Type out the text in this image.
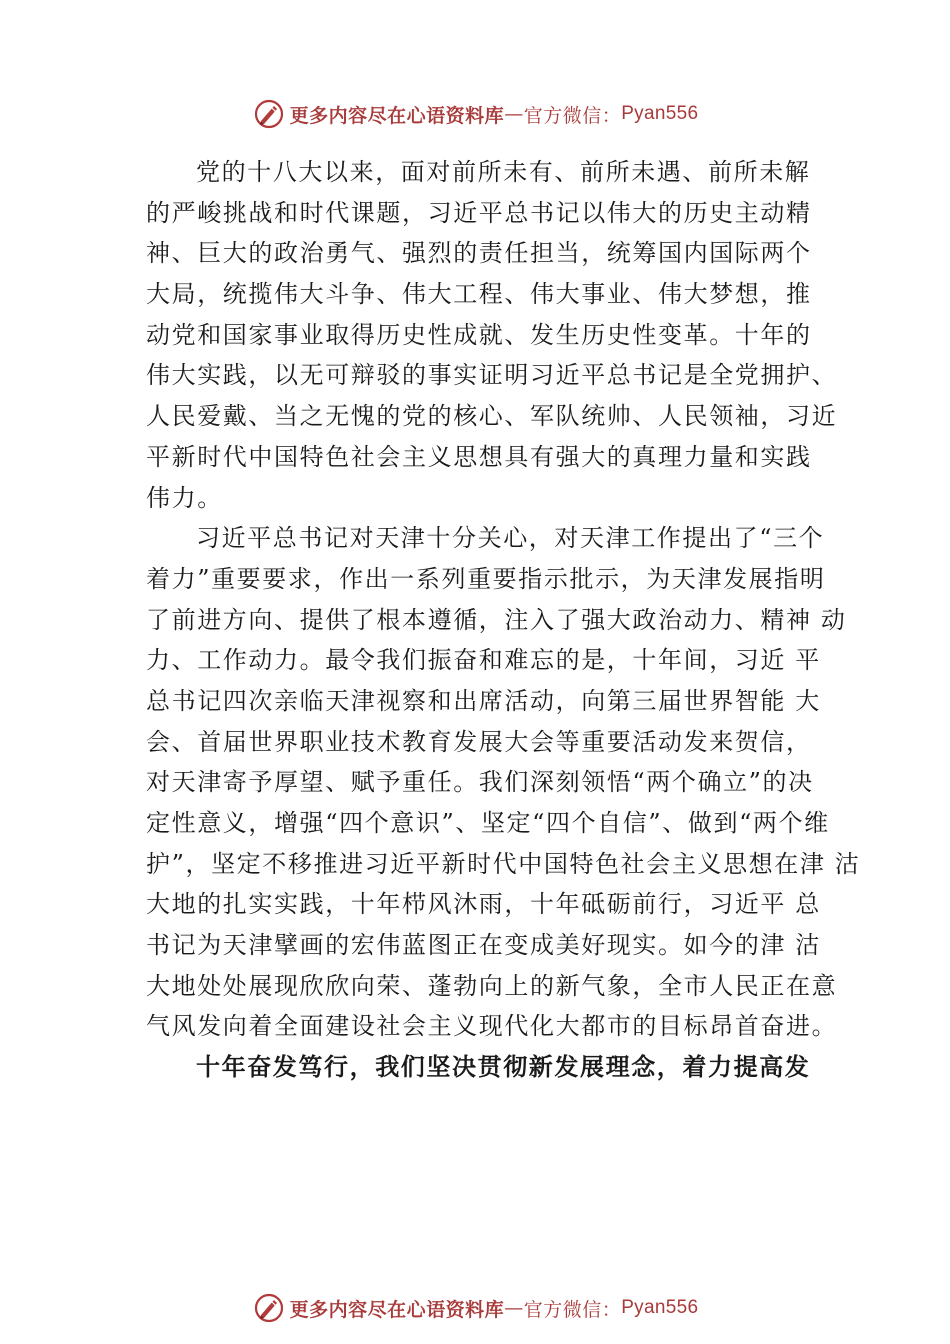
更多内容尽在心语资料库 — 官方微信： Pyan556
党的十八大以来，面对前所未有、前所未遇、前所未解
的严峻挑战和时代课题，习近平总书记以伟大的历史主动精
神、巨大的政治勇气、强烈的责任担当，统筹国内国际两个
大局，统揽伟大斗争、伟大工程、伟大事业、伟大梦想，推
动党和国家事业取得历史性成就、发生历史性变革。十年的
伟大实践，以无可辩驳的事实证明习近平总书记是全党拥护、
人民爱戴、当之无愧的党的核心、军队统帅、人民领袖，习近
平新时代中国特色社会主义思想具有强大的真理力量和实践
伟力。
习近平总书记对天津十分关心，对天津工作提出了“三个
着力”重要要求，作出一系列重要指示批示，为天津发展指明
了前进方向、提供了根本遵循，注入了强大政治动力、精神 动
力、工作动力。最令我们振奋和难忘的是，十年间，习近 平
总书记四次亲临天津视察和出席活动，向第三届世界智能 大
会、首届世界职业技术教育发展大会等重要活动发来贺信，
对天津寄予厚望、赋予重任。我们深刻领悟“两个确立”的决
定性意义，增强“四个意识”、坚定“四个自信”、做到“两个维
护”，坚定不移推进习近平新时代中国特色社会主义思想在津 沽
大地的扎实实践，十年栉风沐雨，十年砥砺前行，习近平 总
书记为天津擘画的宏伟蓝图正在变成美好现实。如今的津 沽
大地处处展现欣欣向荣、蓬勃向上的新气象，全市人民正在意
气风发向着全面建设社会主义现代化大都市的目标昂首奋进。
十年奋发笃行，我们坚决贯彻新发展理念，着力提高发
更多内容尽在心语资料库 — 官方微信： Pyan556
